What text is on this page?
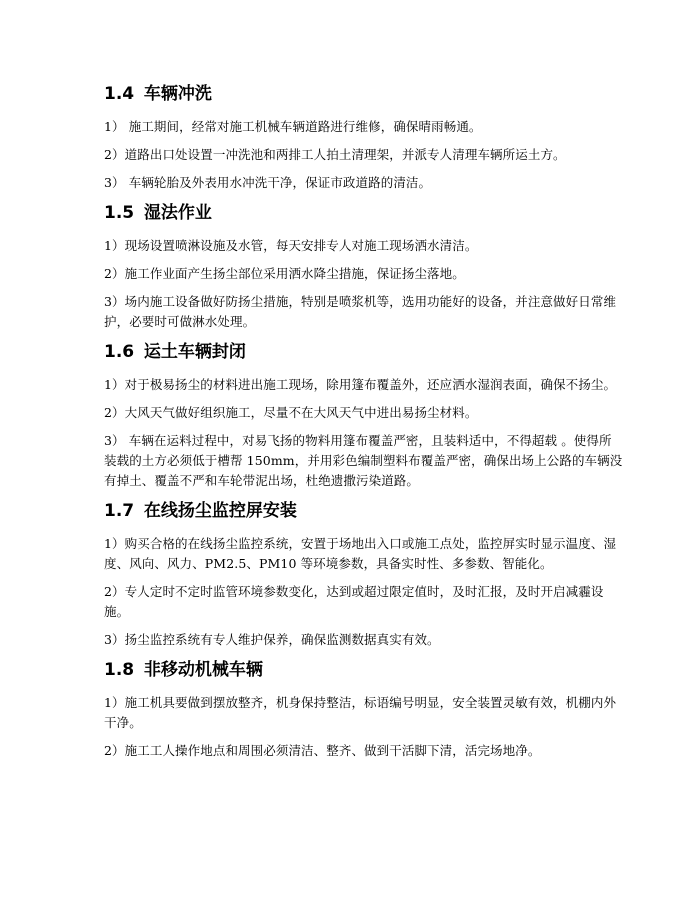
1.4 车辆冲洗

1） 施工期间，经常对施工机械车辆道路进行维修，确保晴雨畅通。

2）道路出口处设置一冲洗池和两排工人拍土清理架，并派专人清理车辆所运土方。

3） 车辆轮胎及外表用水冲洗干净，保证市政道路的清洁。

1.5 湿法作业

1）现场设置喷淋设施及水管，每天安排专人对施工现场洒水清洁。

2）施工作业面产生扬尘部位采用洒水降尘措施，保证扬尘落地。

3）场内施工设备做好防扬尘措施，特别是喷浆机等，选用功能好的设备，并注意做好日常维护，必要时可做淋水处理。

1.6 运土车辆封闭

1）对于极易扬尘的材料进出施工现场，除用篷布覆盖外，还应洒水湿润表面，确保不扬尘。

2）大风天气做好组织施工，尽量不在大风天气中进出易扬尘材料。

3） 车辆在运料过程中，对易飞扬的物料用篷布覆盖严密，且装料适中，不得超载 。使得所装载的土方必须低于槽帮 150mm，并用彩色编制塑料布覆盖严密，确保出场上公路的车辆没有掉土、覆盖不严和车轮带泥出场，杜绝遗撒污染道路。

1.7 在线扬尘监控屏安装

1）购买合格的在线扬尘监控系统，安置于场地出入口或施工点处，监控屏实时显示温度、湿度、风向、风力、PM2.5、PM10 等环境参数，具备实时性、多参数、智能化。

2）专人定时不定时监管环境参数变化，达到或超过限定值时，及时汇报，及时开启减霾设施。

3）扬尘监控系统有专人维护保养，确保监测数据真实有效。

1.8 非移动机械车辆

1）施工机具要做到摆放整齐，机身保持整洁，标语编号明显，安全装置灵敏有效，机棚内外干净。

2）施工工人操作地点和周围必须清洁、整齐、做到干活脚下清，活完场地净。
